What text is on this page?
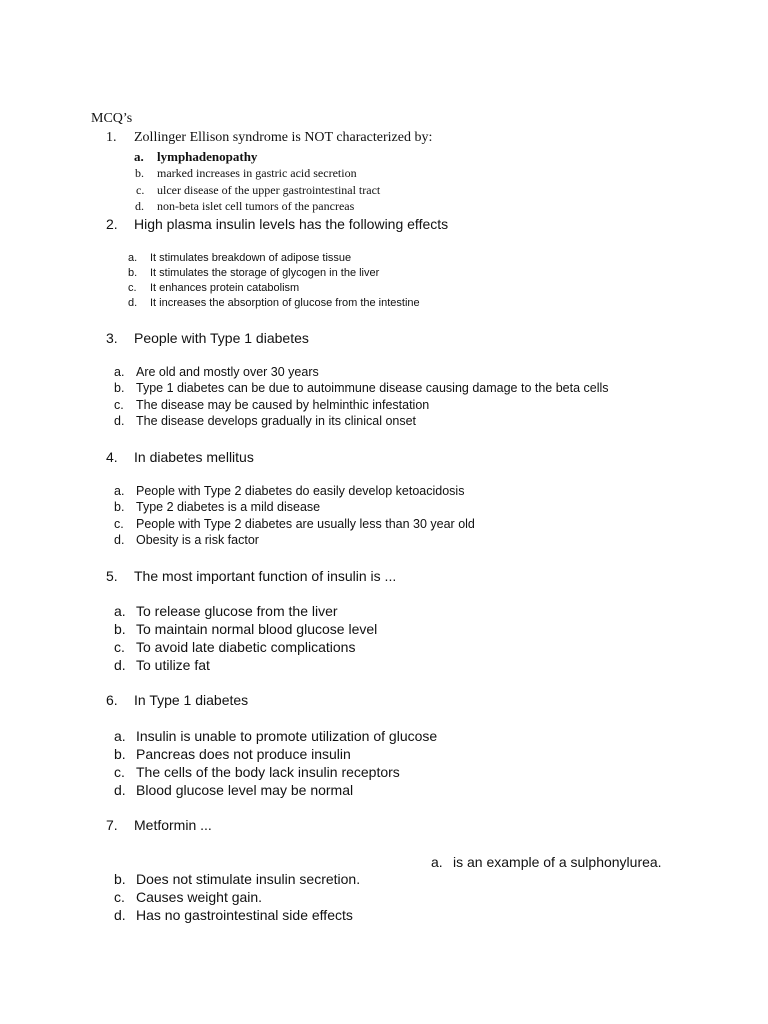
MCQ’s
1. Zollinger Ellison syndrome is NOT characterized by:
a. lymphadenopathy
b. marked increases in gastric acid secretion
c. ulcer disease of the upper gastrointestinal tract
d. non-beta islet cell tumors of the pancreas
2. High plasma insulin levels has the following effects
a. It stimulates breakdown of adipose tissue
b. It stimulates the storage of glycogen in the liver
c. It enhances protein catabolism
d. It increases the absorption of glucose from the intestine
3. People with Type 1 diabetes
a. Are old and mostly over 30 years
b. Type 1 diabetes can be due to autoimmune disease causing damage to the beta cells
c. The disease may be caused by helminthic infestation
d. The disease develops gradually in its clinical onset
4. In diabetes mellitus
a. People with Type 2 diabetes do easily develop ketoacidosis
b. Type 2 diabetes is a mild disease
c. People with Type 2 diabetes are usually less than 30 year old
d. Obesity is a risk factor
5. The most important function of insulin is ...
a. To release glucose from the liver
b. To maintain normal blood glucose level
c. To avoid late diabetic complications
d. To utilize fat
6. In Type 1 diabetes
a. Insulin is unable to promote utilization of glucose
b. Pancreas does not produce insulin
c. The cells of the body lack insulin receptors
d. Blood glucose level may be normal
7. Metformin ...
a. is an example of a sulphonylurea.
b. Does not stimulate insulin secretion.
c. Causes weight gain.
d. Has no gastrointestinal side effects
